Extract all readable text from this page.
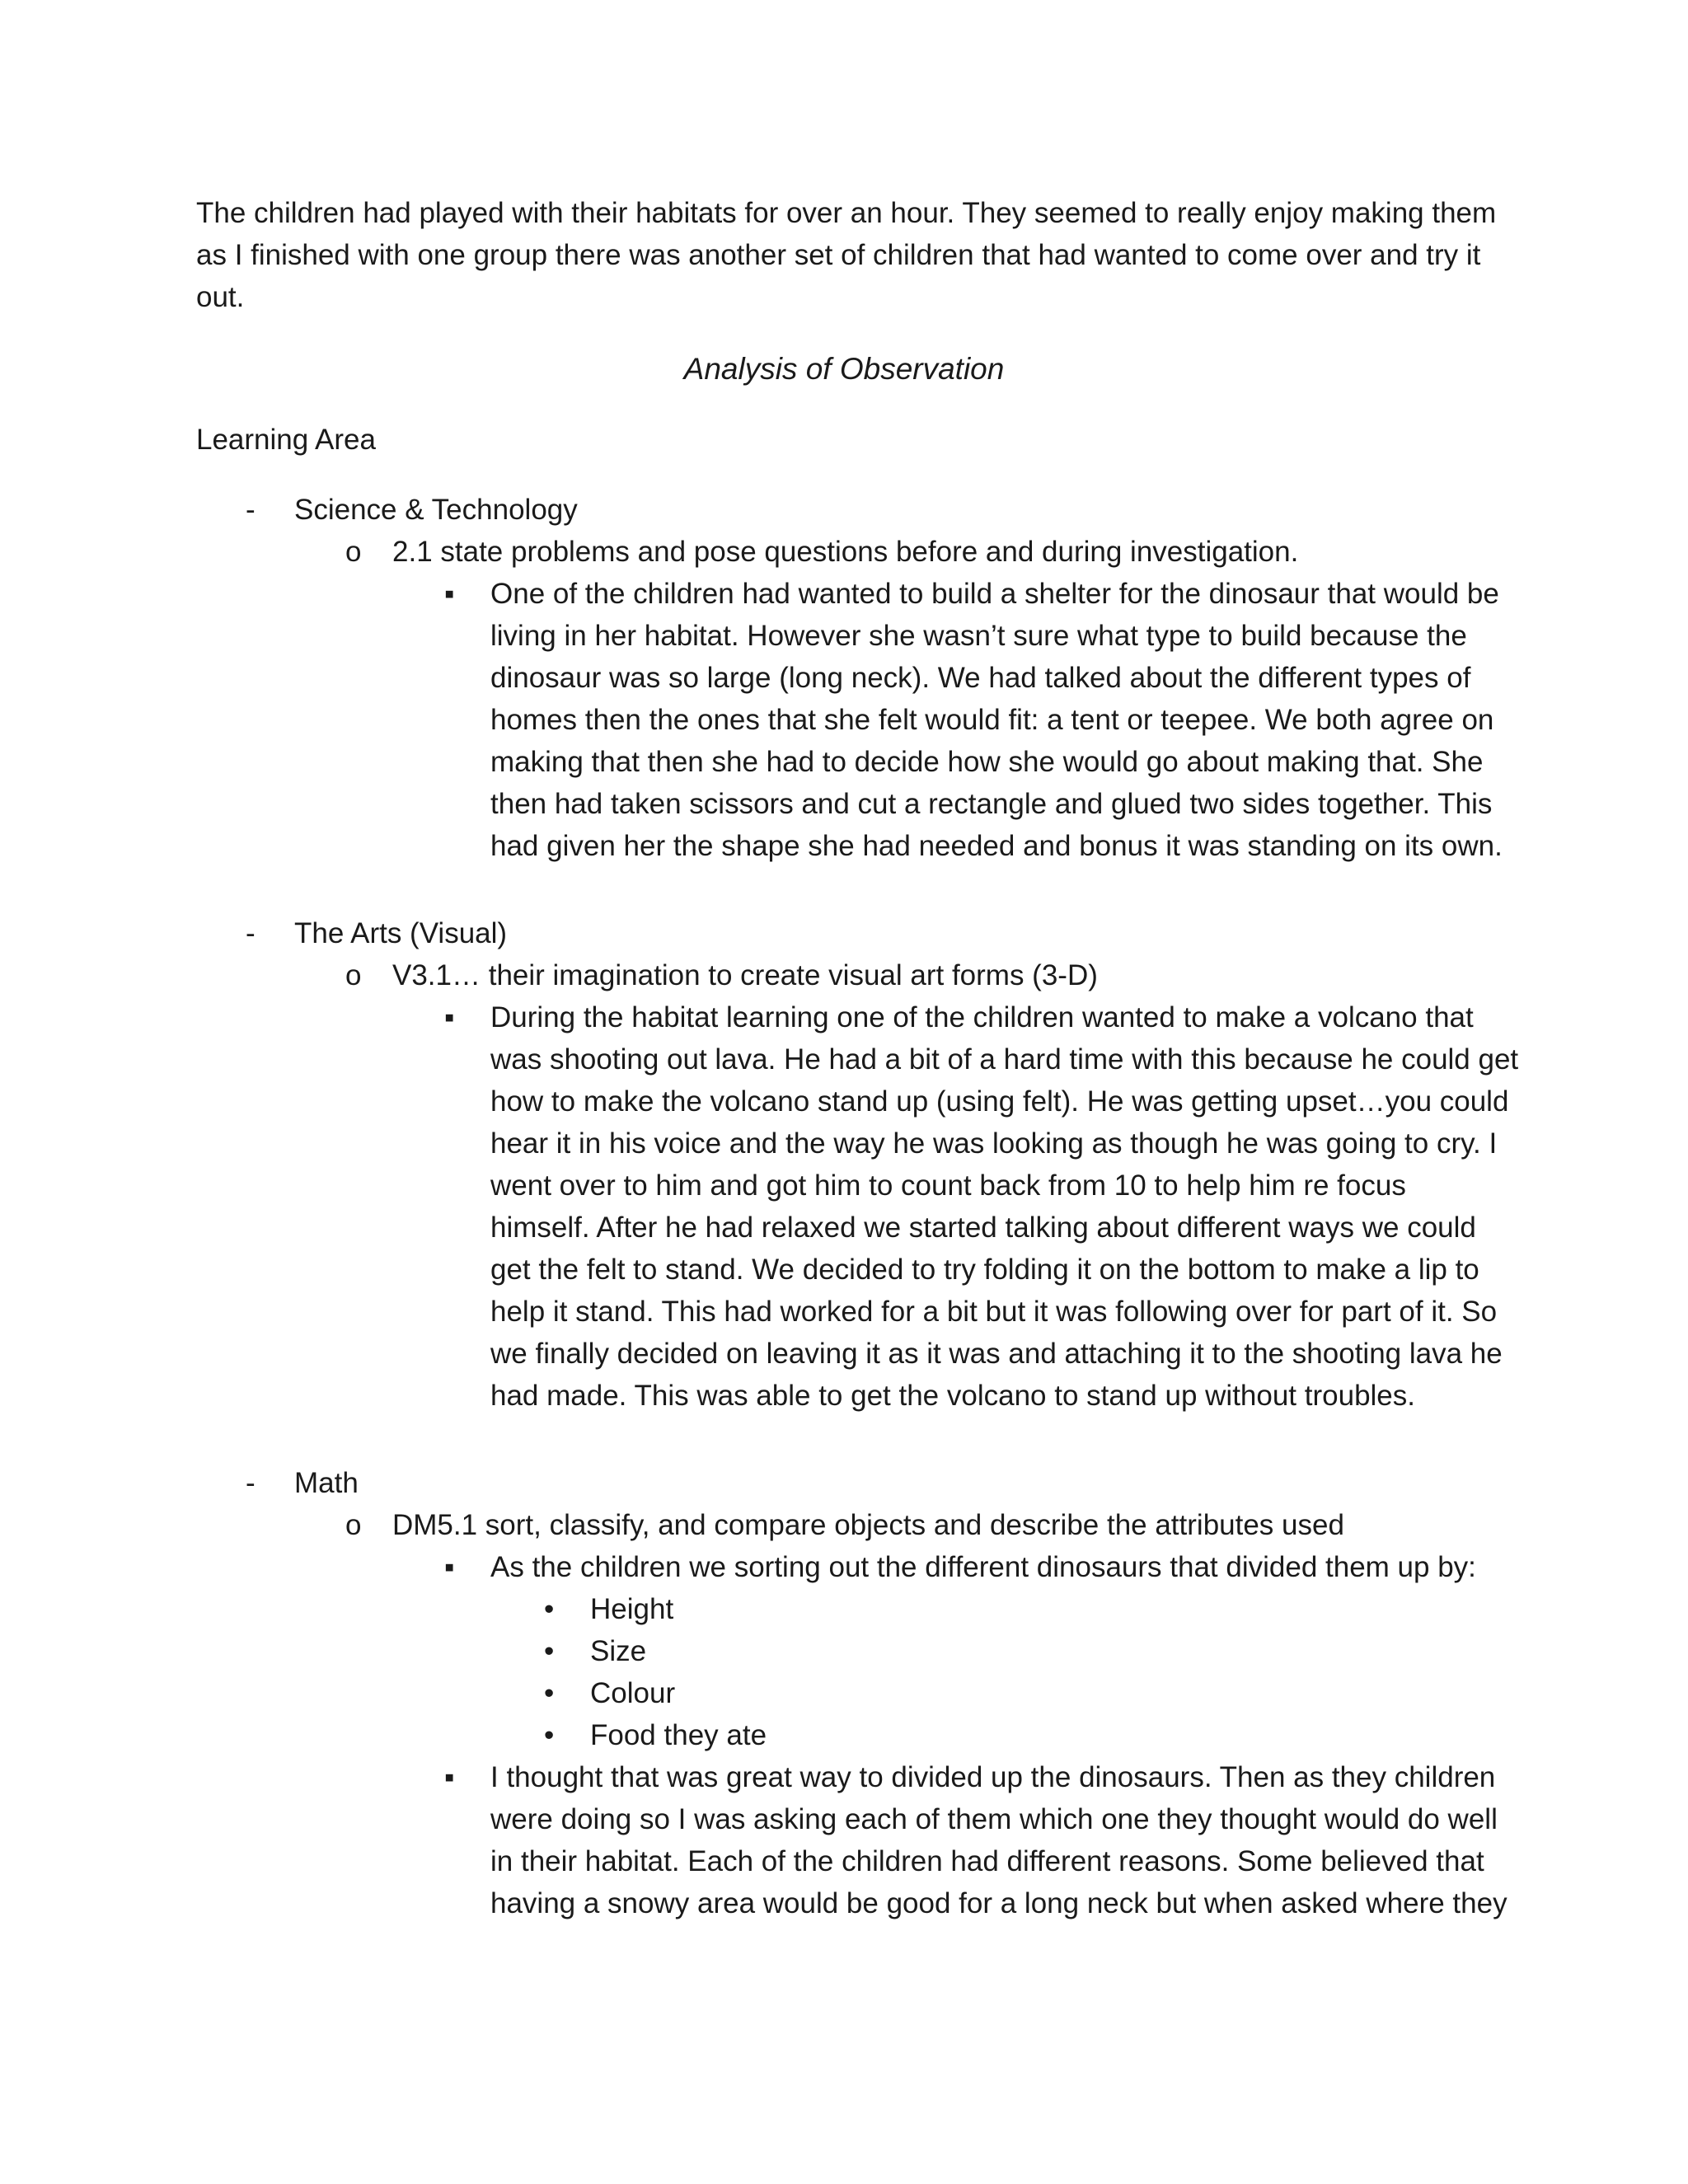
The children had played with their habitats for over an hour. They seemed to really enjoy making them
as I finished with one group there was another set of children that had wanted to come over and try it
out.
Analysis of Observation
Learning Area
- Science & Technology
o 2.1 state problems and pose questions before and during investigation.
▪ One of the children had wanted to build a shelter for the dinosaur that would be
living in her habitat. However she wasn’t sure what type to build because the
dinosaur was so large (long neck). We had talked about the different types of
homes then the ones that she felt would fit: a tent or teepee. We both agree on
making that then she had to decide how she would go about making that. She
then had taken scissors and cut a rectangle and glued two sides together. This
had given her the shape she had needed and bonus it was standing on its own.
- The Arts (Visual)
o V3.1… their imagination to create visual art forms (3-D)
▪ During the habitat learning one of the children wanted to make a volcano that
was shooting out lava. He had a bit of a hard time with this because he could get
how to make the volcano stand up (using felt). He was getting upset…you could
hear it in his voice and the way he was looking as though he was going to cry. I
went over to him and got him to count back from 10 to help him re focus
himself. After he had relaxed we started talking about different ways we could
get the felt to stand. We decided to try folding it on the bottom to make a lip to
help it stand. This had worked for a bit but it was following over for part of it. So
we finally decided on leaving it as it was and attaching it to the shooting lava he
had made. This was able to get the volcano to stand up without troubles.
- Math
o DM5.1 sort, classify, and compare objects and describe the attributes used
▪ As the children we sorting out the different dinosaurs that divided them up by:
• Height
• Size
• Colour
• Food they ate
▪ I thought that was great way to divided up the dinosaurs. Then as they children
were doing so I was asking each of them which one they thought would do well
in their habitat. Each of the children had different reasons. Some believed that
having a snowy area would be good for a long neck but when asked where they
